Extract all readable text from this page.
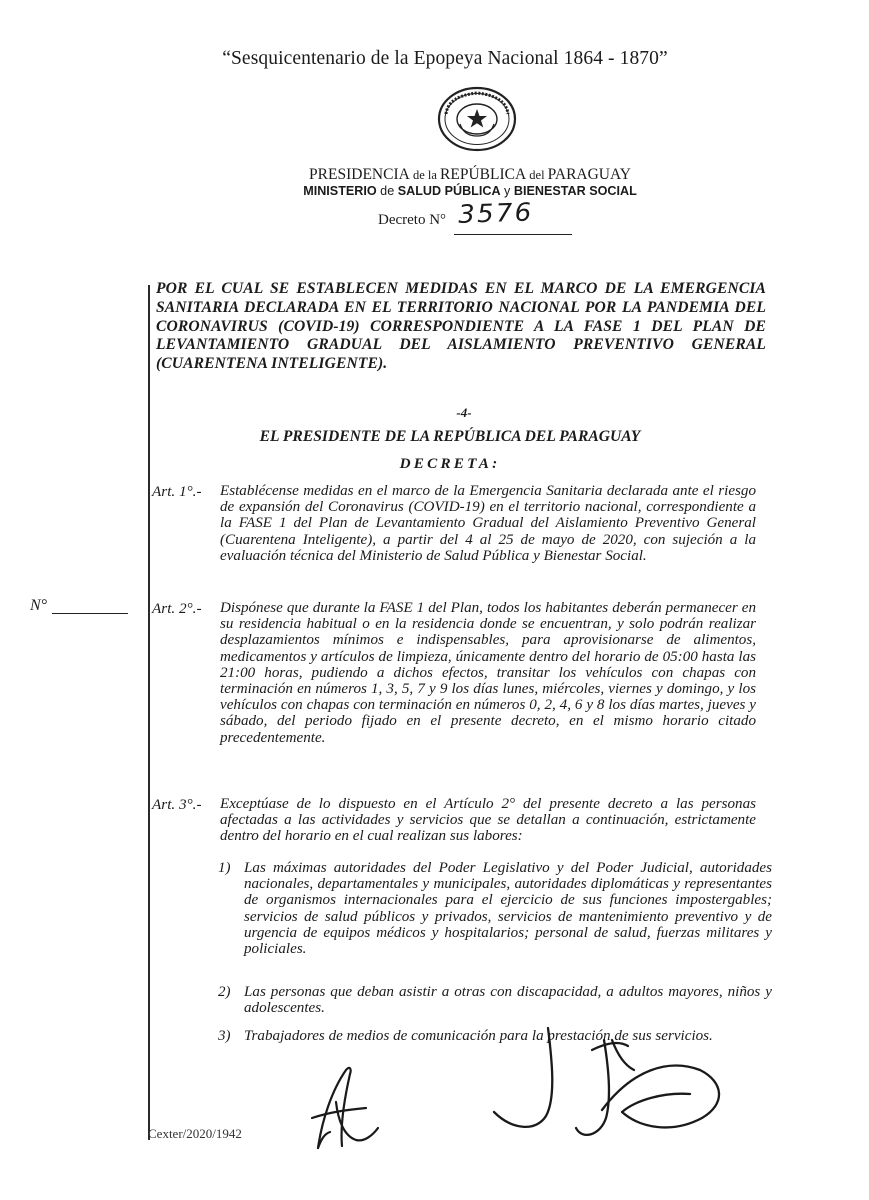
“Sesquicentenario de la Epopeya Nacional 1864 - 1870”
PRESIDENCIA de la REPÚBLICA del PARAGUAY
MINISTERIO de SALUD PÚBLICA y BIENESTAR SOCIAL
Decreto N° 3576
POR EL CUAL SE ESTABLECEN MEDIDAS EN EL MARCO DE LA EMERGENCIA SANITARIA DECLARADA EN EL TERRITORIO NACIONAL POR LA PANDEMIA DEL CORONAVIRUS (COVID-19) CORRESPONDIENTE A LA FASE 1 DEL PLAN DE LEVANTAMIENTO GRADUAL DEL AISLAMIENTO PREVENTIVO GENERAL (CUARENTENA INTELIGENTE).
-4-
EL PRESIDENTE DE LA REPÚBLICA DEL PARAGUAY
DECRETA:
Art. 1°.-	Establécense medidas en el marco de la Emergencia Sanitaria declarada ante el riesgo de expansión del Coronavirus (COVID-19) en el territorio nacional, correspondiente a la FASE 1 del Plan de Levantamiento Gradual del Aislamiento Preventivo General (Cuarentena Inteligente), a partir del 4 al 25 de mayo de 2020, con sujeción a la evaluación técnica del Ministerio de Salud Pública y Bienestar Social.
N°	Art. 2°.-	Dispónese que durante la FASE 1 del Plan, todos los habitantes deberán permanecer en su residencia habitual o en la residencia donde se encuentran, y solo podrán realizar desplazamientos mínimos e indispensables, para aprovisionarse de alimentos, medicamentos y artículos de limpieza, únicamente dentro del horario de 05:00 hasta las 21:00 horas, pudiendo a dichos efectos, transitar los vehículos con chapas con terminación en números 1, 3, 5, 7 y 9 los días lunes, miércoles, viernes y domingo, y los vehículos con chapas con terminación en números 0, 2, 4, 6 y 8 los días martes, jueves y sábado, del periodo fijado en el presente decreto, en el mismo horario citado precedentemente.
Art. 3°.-	Exceptúase de lo dispuesto en el Artículo 2° del presente decreto a las personas afectadas a las actividades y servicios que se detallan a continuación, estrictamente dentro del horario en el cual realizan sus labores:
1) Las máximas autoridades del Poder Legislativo y del Poder Judicial, autoridades nacionales, departamentales y municipales, autoridades diplomáticas y representantes de organismos internacionales para el ejercicio de sus funciones impostergables; servicios de salud públicos y privados, servicios de mantenimiento preventivo y de urgencia de equipos médicos y hospitalarios; personal de salud, fuerzas militares y policiales.
2) Las personas que deban asistir a otras con discapacidad, a adultos mayores, niños y adolescentes.
3) Trabajadores de medios de comunicación para la prestación de sus servicios.
Cexter/2020/1942
